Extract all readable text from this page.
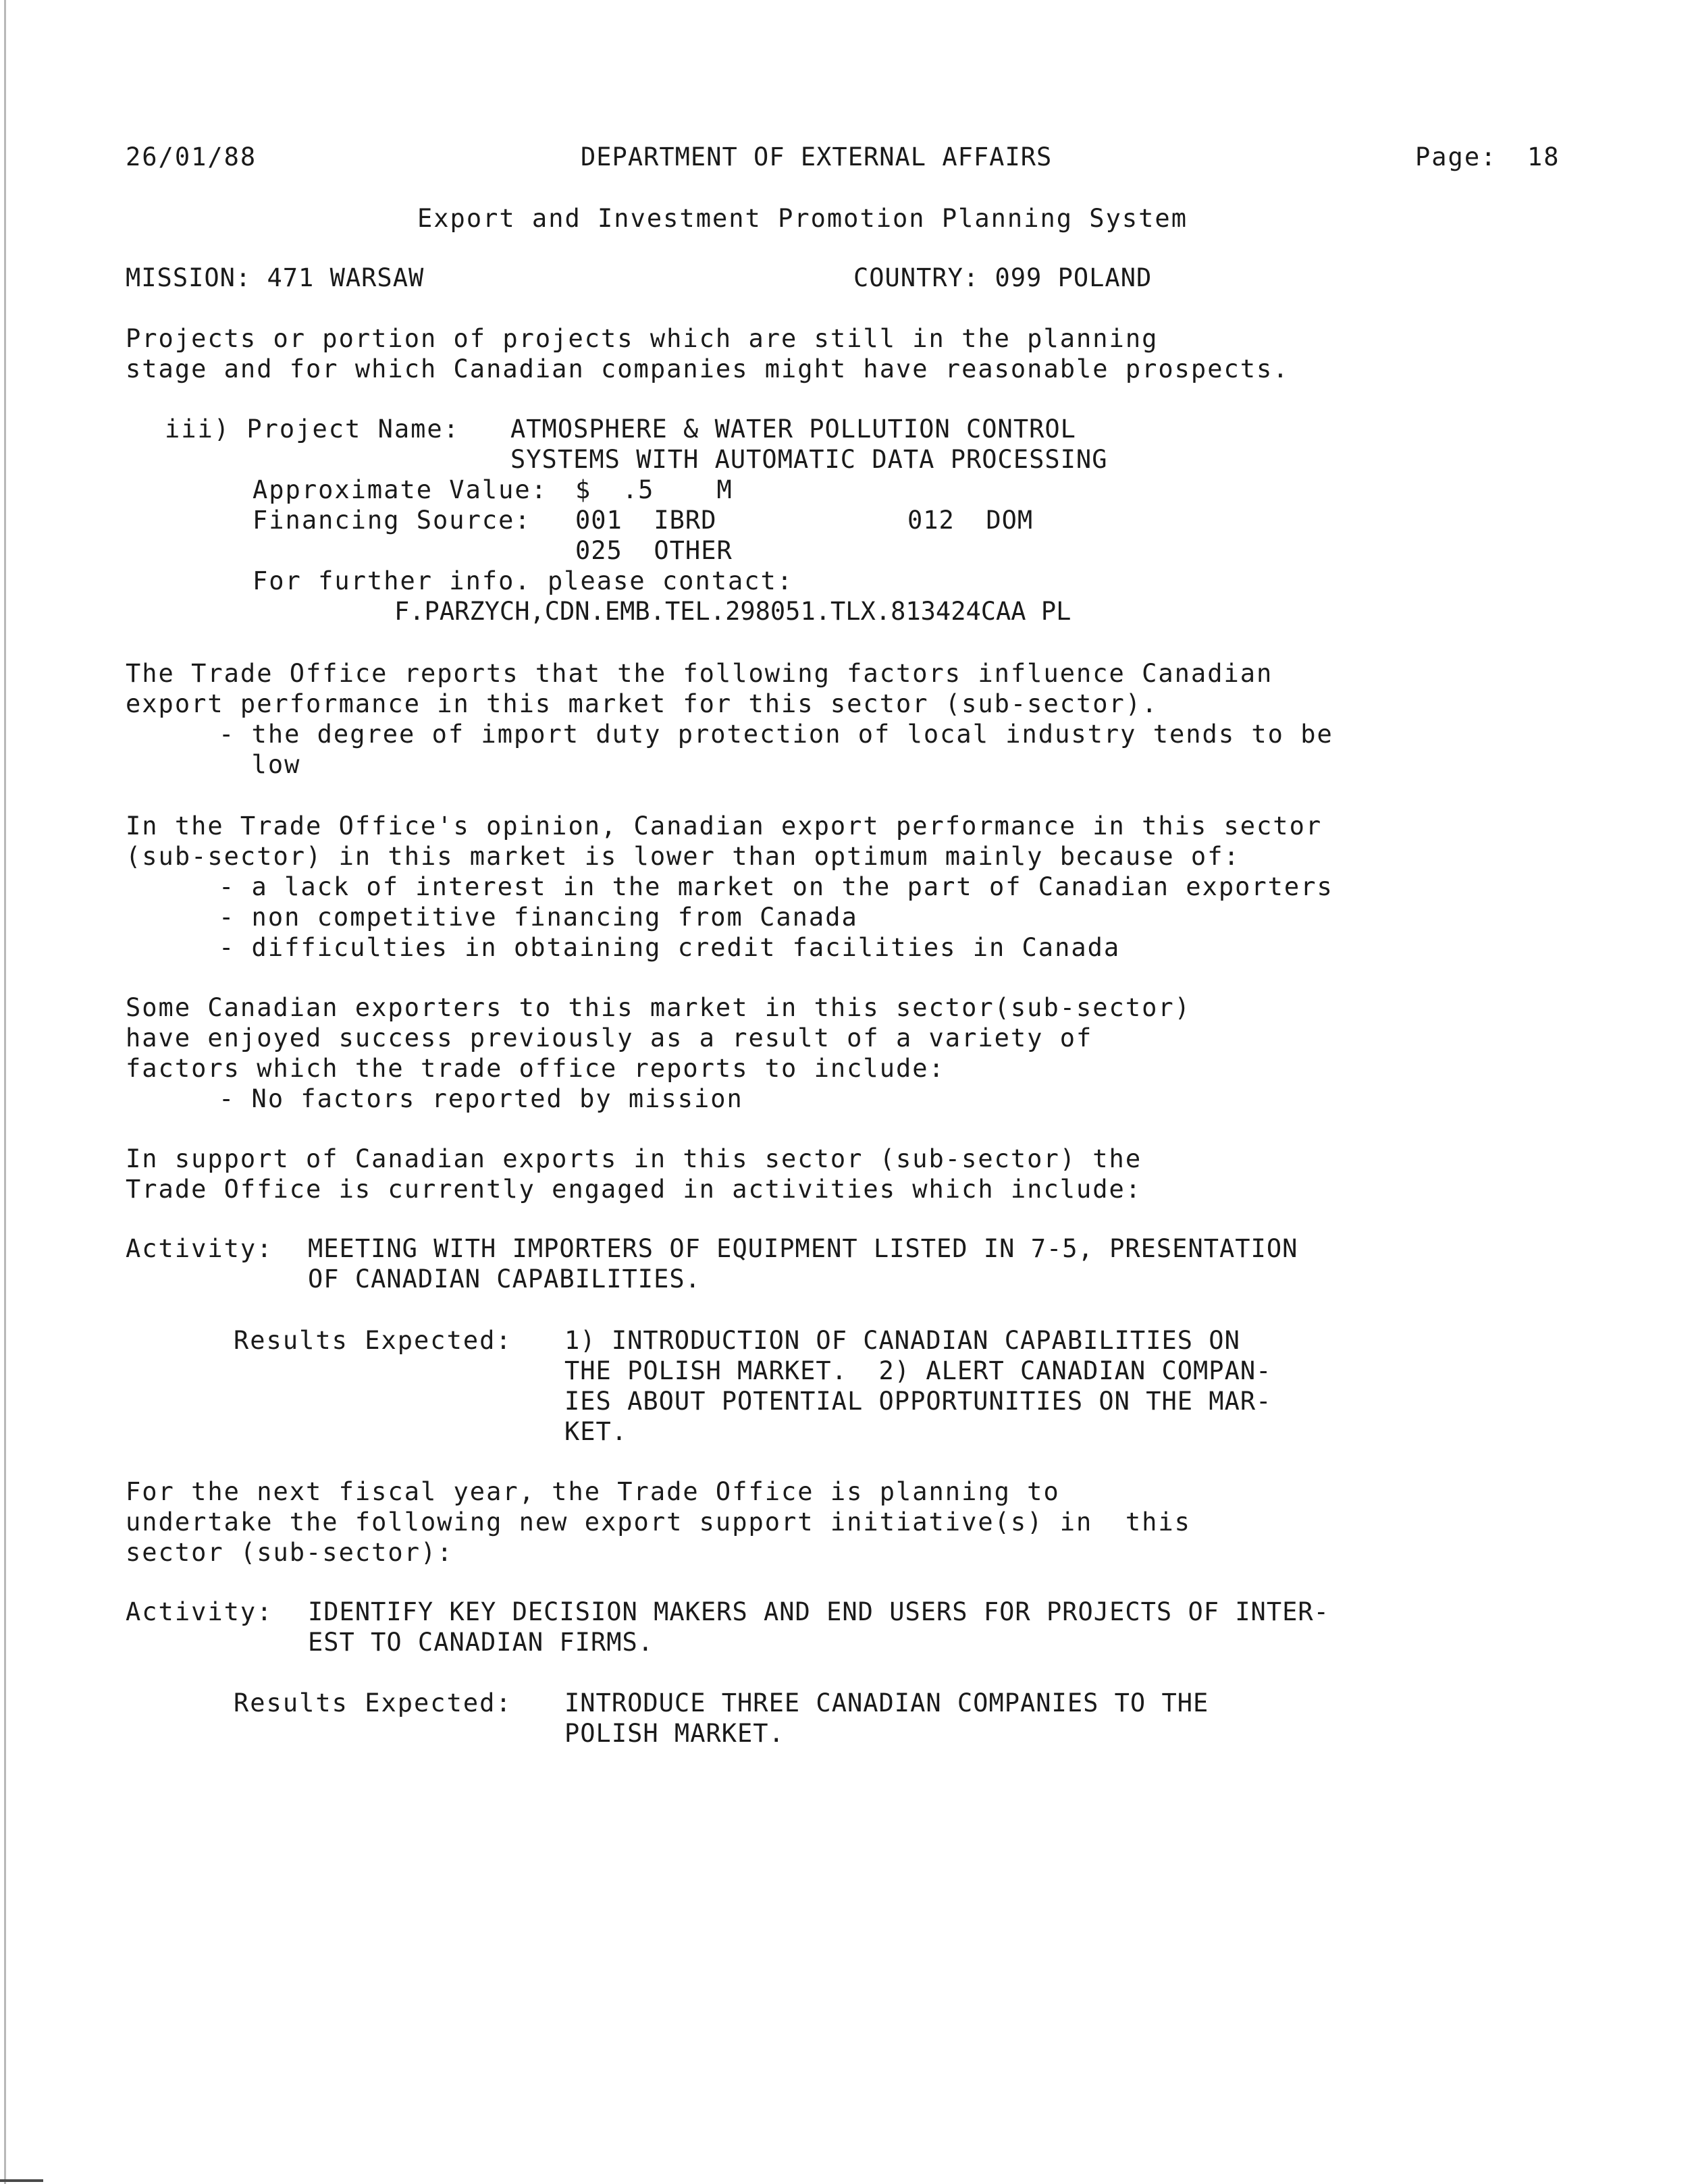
26/01/88	DEPARTMENT OF EXTERNAL AFFAIRS	Page: 18
Export and Investment Promotion Planning System
MISSION: 471 WARSAW	COUNTRY: 099 POLAND
Projects or portion of projects which are still in the planning
stage and for which Canadian companies might have reasonable prospects.
iii) Project Name: ATMOSPHERE & WATER POLLUTION CONTROL
SYSTEMS WITH AUTOMATIC DATA PROCESSING
Approximate Value: $  .5    M
Financing Source: 001  IBRD	012  DOM
025  OTHER
For further info. please contact:
F.PARZYCH,CDN.EMB.TEL.298051.TLX.813424CAA PL
The Trade Office reports that the following factors influence Canadian
export performance in this market for this sector (sub-sector).
- the degree of import duty protection of local industry tends to be
low
In the Trade Office's opinion, Canadian export performance in this sector
(sub-sector) in this market is lower than optimum mainly because of:
- a lack of interest in the market on the part of Canadian exporters
- non competitive financing from Canada
- difficulties in obtaining credit facilities in Canada
Some Canadian exporters to this market in this sector(sub-sector)
have enjoyed success previously as a result of a variety of
factors which the trade office reports to include:
- No factors reported by mission
In support of Canadian exports in this sector (sub-sector) the
Trade Office is currently engaged in activities which include:
Activity: MEETING WITH IMPORTERS OF EQUIPMENT LISTED IN 7-5, PRESENTATION
OF CANADIAN CAPABILITIES.
Results Expected: 1) INTRODUCTION OF CANADIAN CAPABILITIES ON
THE POLISH MARKET.  2) ALERT CANADIAN COMPAN-
IES ABOUT POTENTIAL OPPORTUNITIES ON THE MAR-
KET.
For the next fiscal year, the Trade Office is planning to
undertake the following new export support initiative(s) in  this
sector (sub-sector):
Activity: IDENTIFY KEY DECISION MAKERS AND END USERS FOR PROJECTS OF INTER-
EST TO CANADIAN FIRMS.
Results Expected: INTRODUCE THREE CANADIAN COMPANIES TO THE
POLISH MARKET.
